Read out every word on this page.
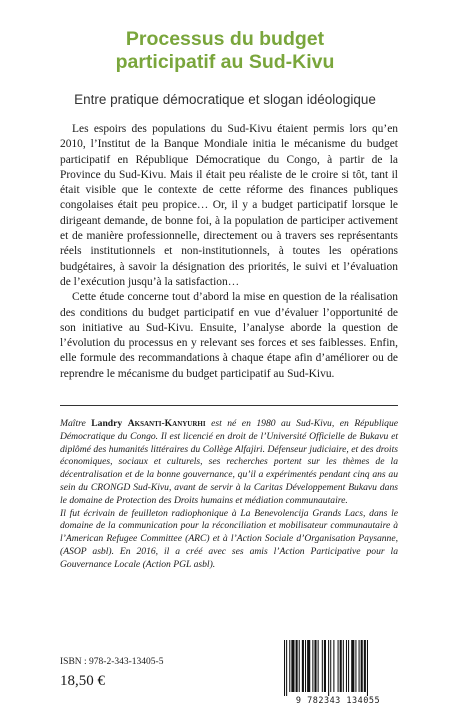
Processus du budget
participatif au Sud-Kivu

Entre pratique démocratique et slogan idéologique

Les espoirs des populations du Sud-Kivu étaient permis lors qu’en 2010, l’Institut de la Banque Mondiale initia le mécanisme du budget participatif en République Démocratique du Congo, à partir de la Province du Sud-Kivu. Mais il était peu réaliste de le croire si tôt, tant il était visible que le contexte de cette réforme des finances publiques congolaises était peu propice… Or, il y a budget participatif lorsque le dirigeant demande, de bonne foi, à la population de participer activement et de manière professionnelle, directement ou à travers ses représentants réels institutionnels et non-institutionnels, à toutes les opérations budgétaires, à savoir la désignation des priorités, le suivi et l’évaluation de l’exécution jusqu’à la satisfaction…

Cette étude concerne tout d’abord la mise en question de la réalisation des conditions du budget participatif en vue d’évaluer l’opportunité de son initiative au Sud-Kivu. Ensuite, l’analyse aborde la question de l’évolution du processus en y relevant ses forces et ses faiblesses. Enfin, elle formule des recommandations à chaque étape afin d’améliorer ou de reprendre le mécanisme du budget participatif au Sud-Kivu.

Maître Landry Aksanti-Kanyurhi est né en 1980 au Sud-Kivu, en République Démocratique du Congo. Il est licencié en droit de l’Université Officielle de Bukavu et diplômé des humanités littéraires du Collège Alfajiri. Défenseur judiciaire, et des droits économiques, sociaux et culturels, ses recherches portent sur les thèmes de la décentralisation et de la bonne gouvernance, qu’il a expérimentés pendant cinq ans au sein du CRONGD Sud-Kivu, avant de servir à la Caritas Développement Bukavu dans le domaine de Protection des Droits humains et médiation communautaire.

Il fut écrivain de feuilleton radiophonique à La Benevolencija Grands Lacs, dans le domaine de la communication pour la réconciliation et mobilisateur communautaire à l’American Refugee Committee (ARC) et à l’Action Sociale d’Organisation Paysanne, (ASOP asbl). En 2016, il a créé avec ses amis l’Action Participative pour la Gouvernance Locale (Action PGL asbl).

ISBN : 978-2-343-13405-5
18,50 €
9 782343 134055
